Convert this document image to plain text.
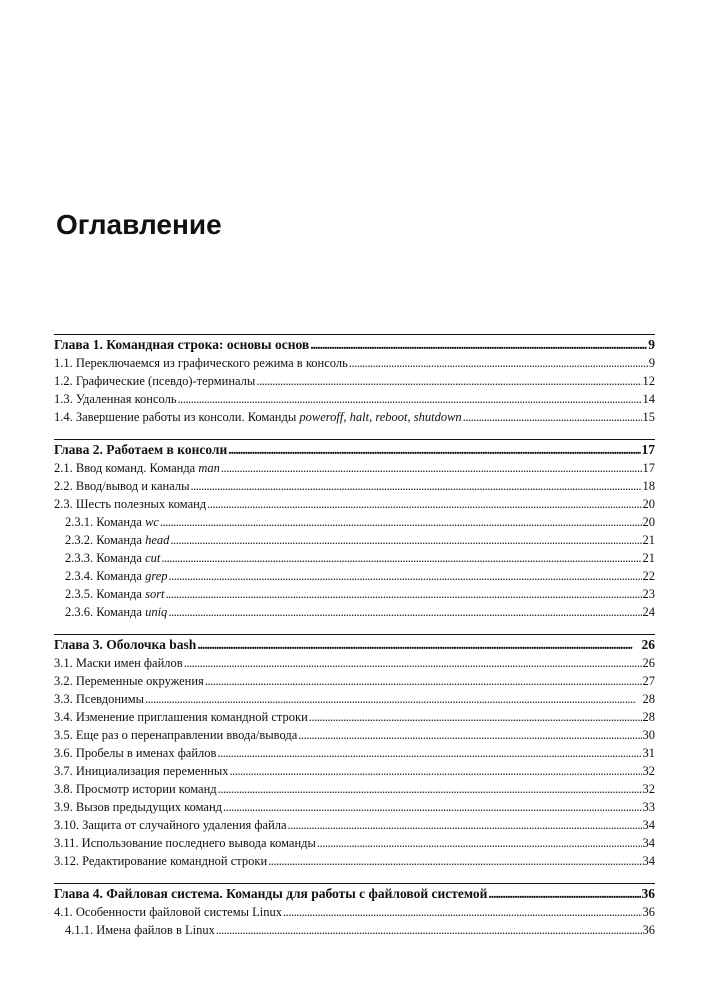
Оглавление
Глава 1. Командная строка: основы основ . . .	9
1.1. Переключаемся из графического режима в консоль . . .	9
1.2. Графические (псевдо)-терминалы . . .	12
1.3. Удаленная консоль . . .	14
1.4. Завершение работы из консоли. Команды poweroff, halt, reboot, shutdown . . .	15
Глава 2. Работаем в консоли . . .	17
2.1. Ввод команд. Команда man . . .	17
2.2. Ввод/вывод и каналы . . .	18
2.3. Шесть полезных команд . . .	20
2.3.1. Команда wc . . .	20
2.3.2. Команда head . . .	21
2.3.3. Команда cut . . .	21
2.3.4. Команда grep . . .	22
2.3.5. Команда sort . . .	23
2.3.6. Команда uniq . . .	24
Глава 3. Оболочка bash . . .	26
3.1. Маски имен файлов . . .	26
3.2. Переменные окружения . . .	27
3.3. Псевдонимы . . .	28
3.4. Изменение приглашения командной строки . . .	28
3.5. Еще раз о перенаправлении ввода/вывода . . .	30
3.6. Пробелы в именах файлов . . .	31
3.7. Инициализация переменных . . .	32
3.8. Просмотр истории команд . . .	32
3.9. Вызов предыдущих команд . . .	33
3.10. Защита от случайного удаления файла . . .	34
3.11. Использование последнего вывода команды . . .	34
3.12. Редактирование командной строки . . .	34
Глава 4. Файловая система. Команды для работы с файловой системой . . .	36
4.1. Особенности файловой системы Linux . . .	36
4.1.1. Имена файлов в Linux . . .	36
